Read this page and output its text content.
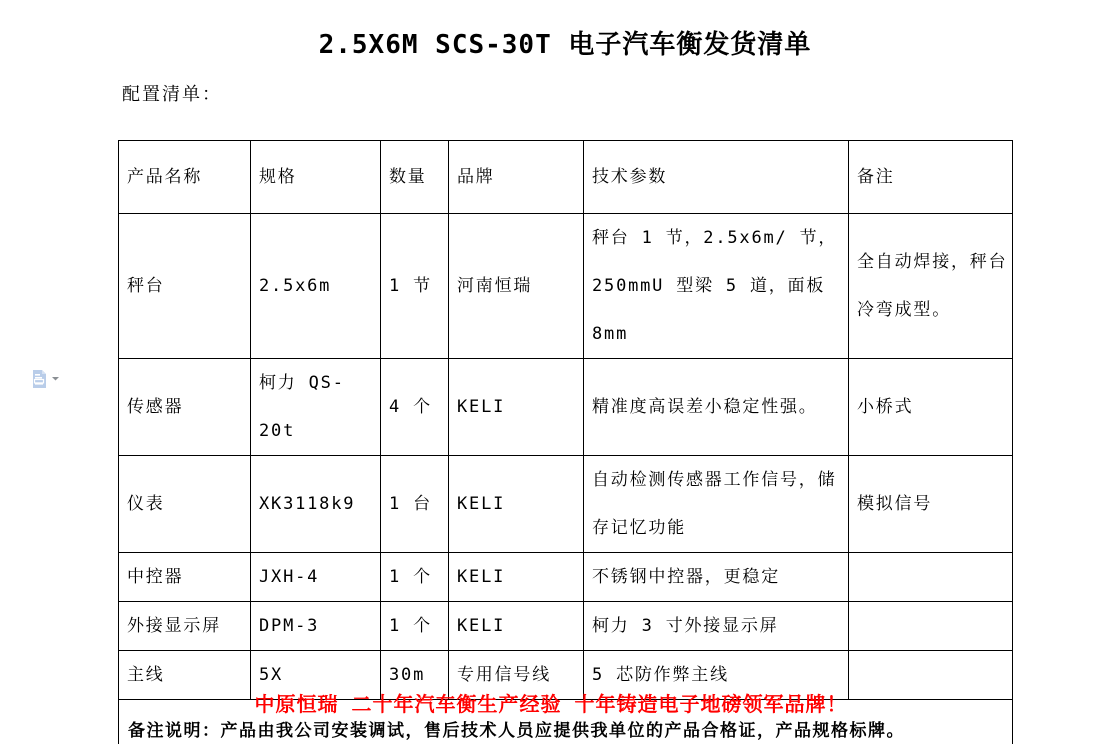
2.5X6M SCS-30T 电子汽车衡发货清单
配置清单：
产品名称	规格	数量	品牌	技术参数	备注
秤台	2.5x6m	1 节	河南恒瑞	秤台 1 节，2.5x6m/ 节，250mmU 型梁 5 道，面板 8mm	全自动焊接，秤台冷弯成型。
传感器	柯力 QS-20t	4 个	KELI	精准度高误差小稳定性强。	小桥式
仪表	XK3118k9	1 台	KELI	自动检测传感器工作信号，储存记忆功能	模拟信号
中控器	JXH-4	1 个	KELI	不锈钢中控器，更稳定	
外接显示屏	DPM-3	1 个	KELI	柯力 3 寸外接显示屏	
主线	5X	30m	专用信号线	5 芯防作弊主线	
备注说明：产品由我公司安装调试，售后技术人员应提供我单位的产品合格证，产品规格标牌。					
中原恒瑞 二十年汽车衡生产经验 十年铸造电子地磅领军品牌！
